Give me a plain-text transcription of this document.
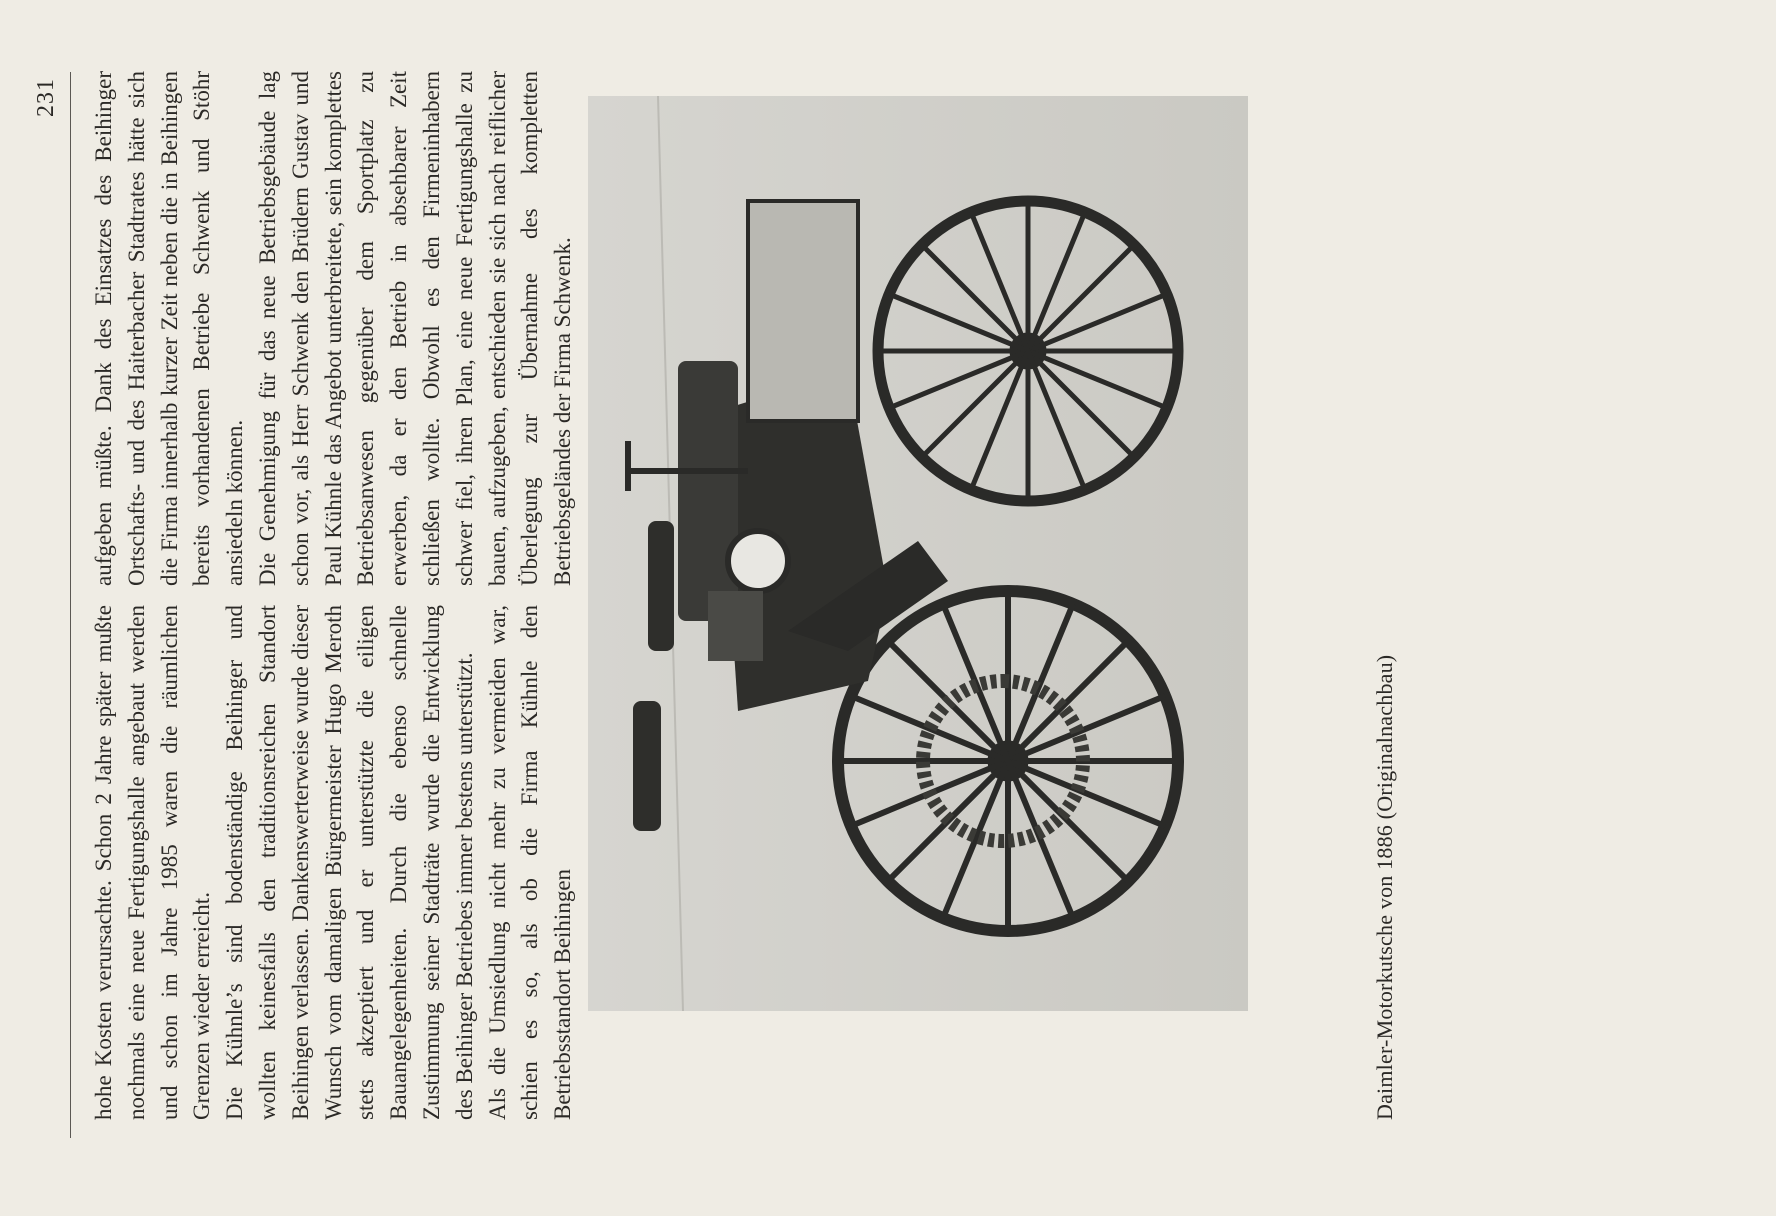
231

hohe Kosten verursachte. Schon 2 Jahre später mußte nochmals eine neue Fertigungshalle angebaut werden und schon im Jahre 1985 waren die räumlichen Grenzen wieder erreicht. Die Kühnle’s sind bodenständige Beihinger und wollten keinesfalls den traditionsreichen Standort Beihingen verlassen. Dankenswerterweise wurde dieser Wunsch vom damaligen Bürgermeister Hugo Meroth stets akzeptiert und er unterstützte die eiligen Bauangelegenheiten. Durch die ebenso schnelle Zustimmung seiner Stadträte wurde die Entwicklung des Beihinger Betriebes immer bestens unterstützt. Als die Umsiedlung nicht mehr zu vermeiden war, schien es so, als ob die Firma Kühnle den Betriebsstandort Beihingen

aufgeben müßte. Dank des Einsatzes des Beihinger Ortschafts- und des Haiterbacher Stadtrates hätte sich die Firma innerhalb kurzer Zeit neben die in Beihingen bereits vorhandenen Betriebe Schwenk und Stöhr ansiedeln können. Die Genehmigung für das neue Betriebsgebäude lag schon vor, als Herr Schwenk den Brüdern Gustav und Paul Kühnle das Angebot unterbreitete, sein komplettes Betriebsanwesen gegenüber dem Sportplatz zu erwerben, da er den Betrieb in absehbarer Zeit schließen wollte. Obwohl es den Firmeninhabern schwer fiel, ihren Plan, eine neue Fertigungshalle zu bauen, aufzugeben, entschieden sie sich nach reiflicher Überlegung zur Übernahme des kompletten Betriebsgeländes der Firma Schwenk.

Daimler-Motorkutsche von 1886 (Originalnachbau)
